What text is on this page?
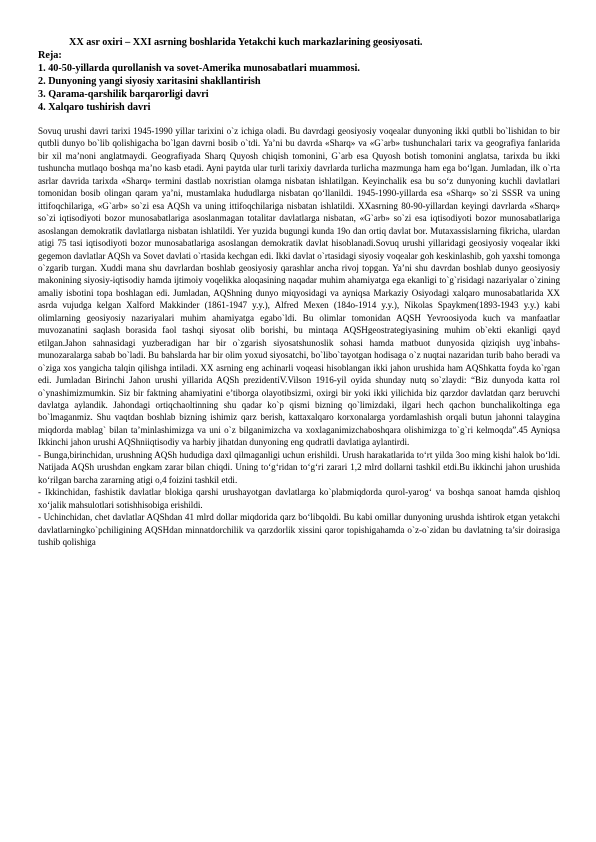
XX asr oxiri – XXI asrning boshlarida Yetakchi kuch markazlarining geosiyosati.

Reja:
1. 40-50-yillarda qurollanish va sovet-Amerika munosabatlari muammosi.
2. Dunyoning yangi siyosiy xaritasini shakllantirish
3. Qarama-qarshilik barqarorligi davri
4. Xalqaro tushirish davri

Sovuq urushi davri tarixi 1945-1990 yillar tarixini o`z ichiga oladi. Bu davrdagi geosiyosiy voqealar dunyoning ikki qutbli bo`lishidan to bir qutbli dunyo bo`lib qolishigacha bo`lgan davrni bosib o`tdi. Ya’ni bu davrda «Sharq» va «G`arb» tushunchalari tarix va geografiya fanlarida bir xil ma’noni anglatmaydi. Geografiyada Sharq Quyosh chiqish tomonini, G`arb esa Quyosh botish tomonini anglatsa, tarixda bu ikki tushuncha mutlaqo boshqa ma’no kasb etadi. Ayni paytda ular turli tarixiy davrlarda turlicha mazmunga ham ega bo‘lgan. Jumladan, ilk o`rta asrlar davrida tarixda «Sharq» termini dastlab noxristian olamga nisbatan ishlatilgan. Keyinchalik esa bu so‘z dunyoning kuchli davlatlari tomonidan bosib olingan qaram ya’ni, mustamlaka hududlarga nisbatan qo‘llanildi. 1945-1990-yillarda esa «Sharq» so`zi SSSR va uning ittifoqchilariga, «G`arb» so`zi esa AQSh va uning ittifoqchilariga nisbatan ishlatildi. XXasrning 80-90-yillardan keyingi davrlarda «Sharq» so`zi iqtisodiyoti bozor munosabatlariga asoslanmagan totalitar davlatlarga nisbatan, «G`arb» so`zi esa iqtisodiyoti bozor munosabatlariga asoslangan demokratik davlatlarga nisbatan ishlatildi. Yer yuzida bugungi kunda 19o dan ortiq davlat bor. Mutaxassislarning fikricha, ulardan atigi 75 tasi iqtisodiyoti bozor munosabatlariga asoslangan demokratik davlat hisoblanadi.Sovuq urushi yillaridagi geosiyosiy voqealar ikki gegemon davlatlar AQSh va Sovet davlati o`rtasida kechgan edi. Ikki davlat o`rtasidagi siyosiy voqealar goh keskinlashib, goh yaxshi tomonga o`zgarib turgan. Xuddi mana shu davrlardan boshlab geosiyosiy qarashlar ancha rivoj topgan. Ya’ni shu davrdan boshlab dunyo geosiyosiy makonining siyosiy-iqtisodiy hamda ijtimoiy voqelikka aloqasining naqadar muhim ahamiyatga ega ekanligi to`g`risidagi nazariyalar o`zining amaliy isbotini topa boshlagan edi. Jumladan, AQShning dunyo miqyosidagi va ayniqsa Markaziy Osiyodagi xalqaro munosabatlarida XX asrda vujudga kelgan Xalford Makkinder (1861-1947 y.y.), Alfred Mexen (184o-1914 y.y.), Nikolas Spaykmen(1893-1943 y.y.) kabi olimlarning geosiyosiy nazariyalari muhim ahamiyatga egabo`ldi. Bu olimlar tomonidan AQSH Yevroosiyoda kuch va manfaatlar muvozanatini saqlash borasida faol tashqi siyosat olib borishi, bu mintaqa AQSHgeostrategiyasining muhim ob`ekti ekanligi qayd etilgan.Jahon sahnasidagi yuzberadigan har bir o`zgarish siyosatshunoslik sohasi hamda matbuot dunyosida qiziqish uyg`inbahs-munozaralarga sabab bo`ladi. Bu bahslarda har bir olim yoxud siyosatchi, bo`libo`tayotgan hodisaga o`z nuqtai nazaridan turib baho beradi va o`ziga xos yangicha talqin qilishga intiladi. XX asrning eng achinarli voqeasi hisoblangan ikki jahon urushida ham AQShkatta foyda ko`rgan edi. Jumladan Birinchi Jahon urushi yillarida AQSh prezidentiV.Vilson 1916-yil oyida shunday nutq so`zlaydi: “Biz dunyoda katta rol o`ynashimizmumkin. Siz bir faktning ahamiyatini e’tiborga olayotibsizmi, oxirgi bir yoki ikki yilichida biz qarzdor davlatdan qarz beruvchi davlatga aylandik. Jahondagi ortiqchaoltinning shu qadar ko`p qismi bizning qo`limizdaki, ilgari hech qachon bunchalikoltinga ega bo`lmaganmiz. Shu vaqtdan boshlab bizning ishimiz qarz berish, kattaxalqaro korxonalarga yordamlashish orqali butun jahonni talaygina miqdorda mablag` bilan ta’minlashimizga va uni o`z bilganimizcha va xoxlaganimizchaboshqara olishimizga to`g`ri kelmoqda”.45 Ayniqsa Ikkinchi jahon urushi AQShniiqtisodiy va harbiy jihatdan dunyoning eng qudratli davlatiga aylantirdi.

- Bunga,birinchidan, urushning AQSh hududiga daxl qilmaganligi uchun erishildi. Urush harakatlarida to‘rt yilda 3oo ming kishi halok bo‘ldi. Natijada AQSh urushdan engkam zarar bilan chiqdi. Uning to‘g‘ridan to‘g‘ri zarari 1,2 mlrd dollarni tashkil etdi.Bu ikkinchi jahon urushida ko‘rilgan barcha zararning atigi o,4 foizini tashkil etdi.

- Ikkinchidan, fashistik davlatlar blokiga qarshi urushayotgan davlatlarga ko`plabmiqdorda qurol-yarog‘ va boshqa sanoat hamda qishloq xo‘jalik mahsulotlari sotishhisobiga erishildi.

- Uchinchidan, chet davlatlar AQShdan 41 mlrd dollar miqdorida qarz bo‘libqoldi. Bu kabi omillar dunyoning urushda ishtirok etgan yetakchi davlatlarningko`pchiligining AQSHdan minnatdorchilik va qarzdorlik xissini qaror topishigahamda o`z-o`zidan bu davlatning ta’sir doirasiga tushib qolishiga
